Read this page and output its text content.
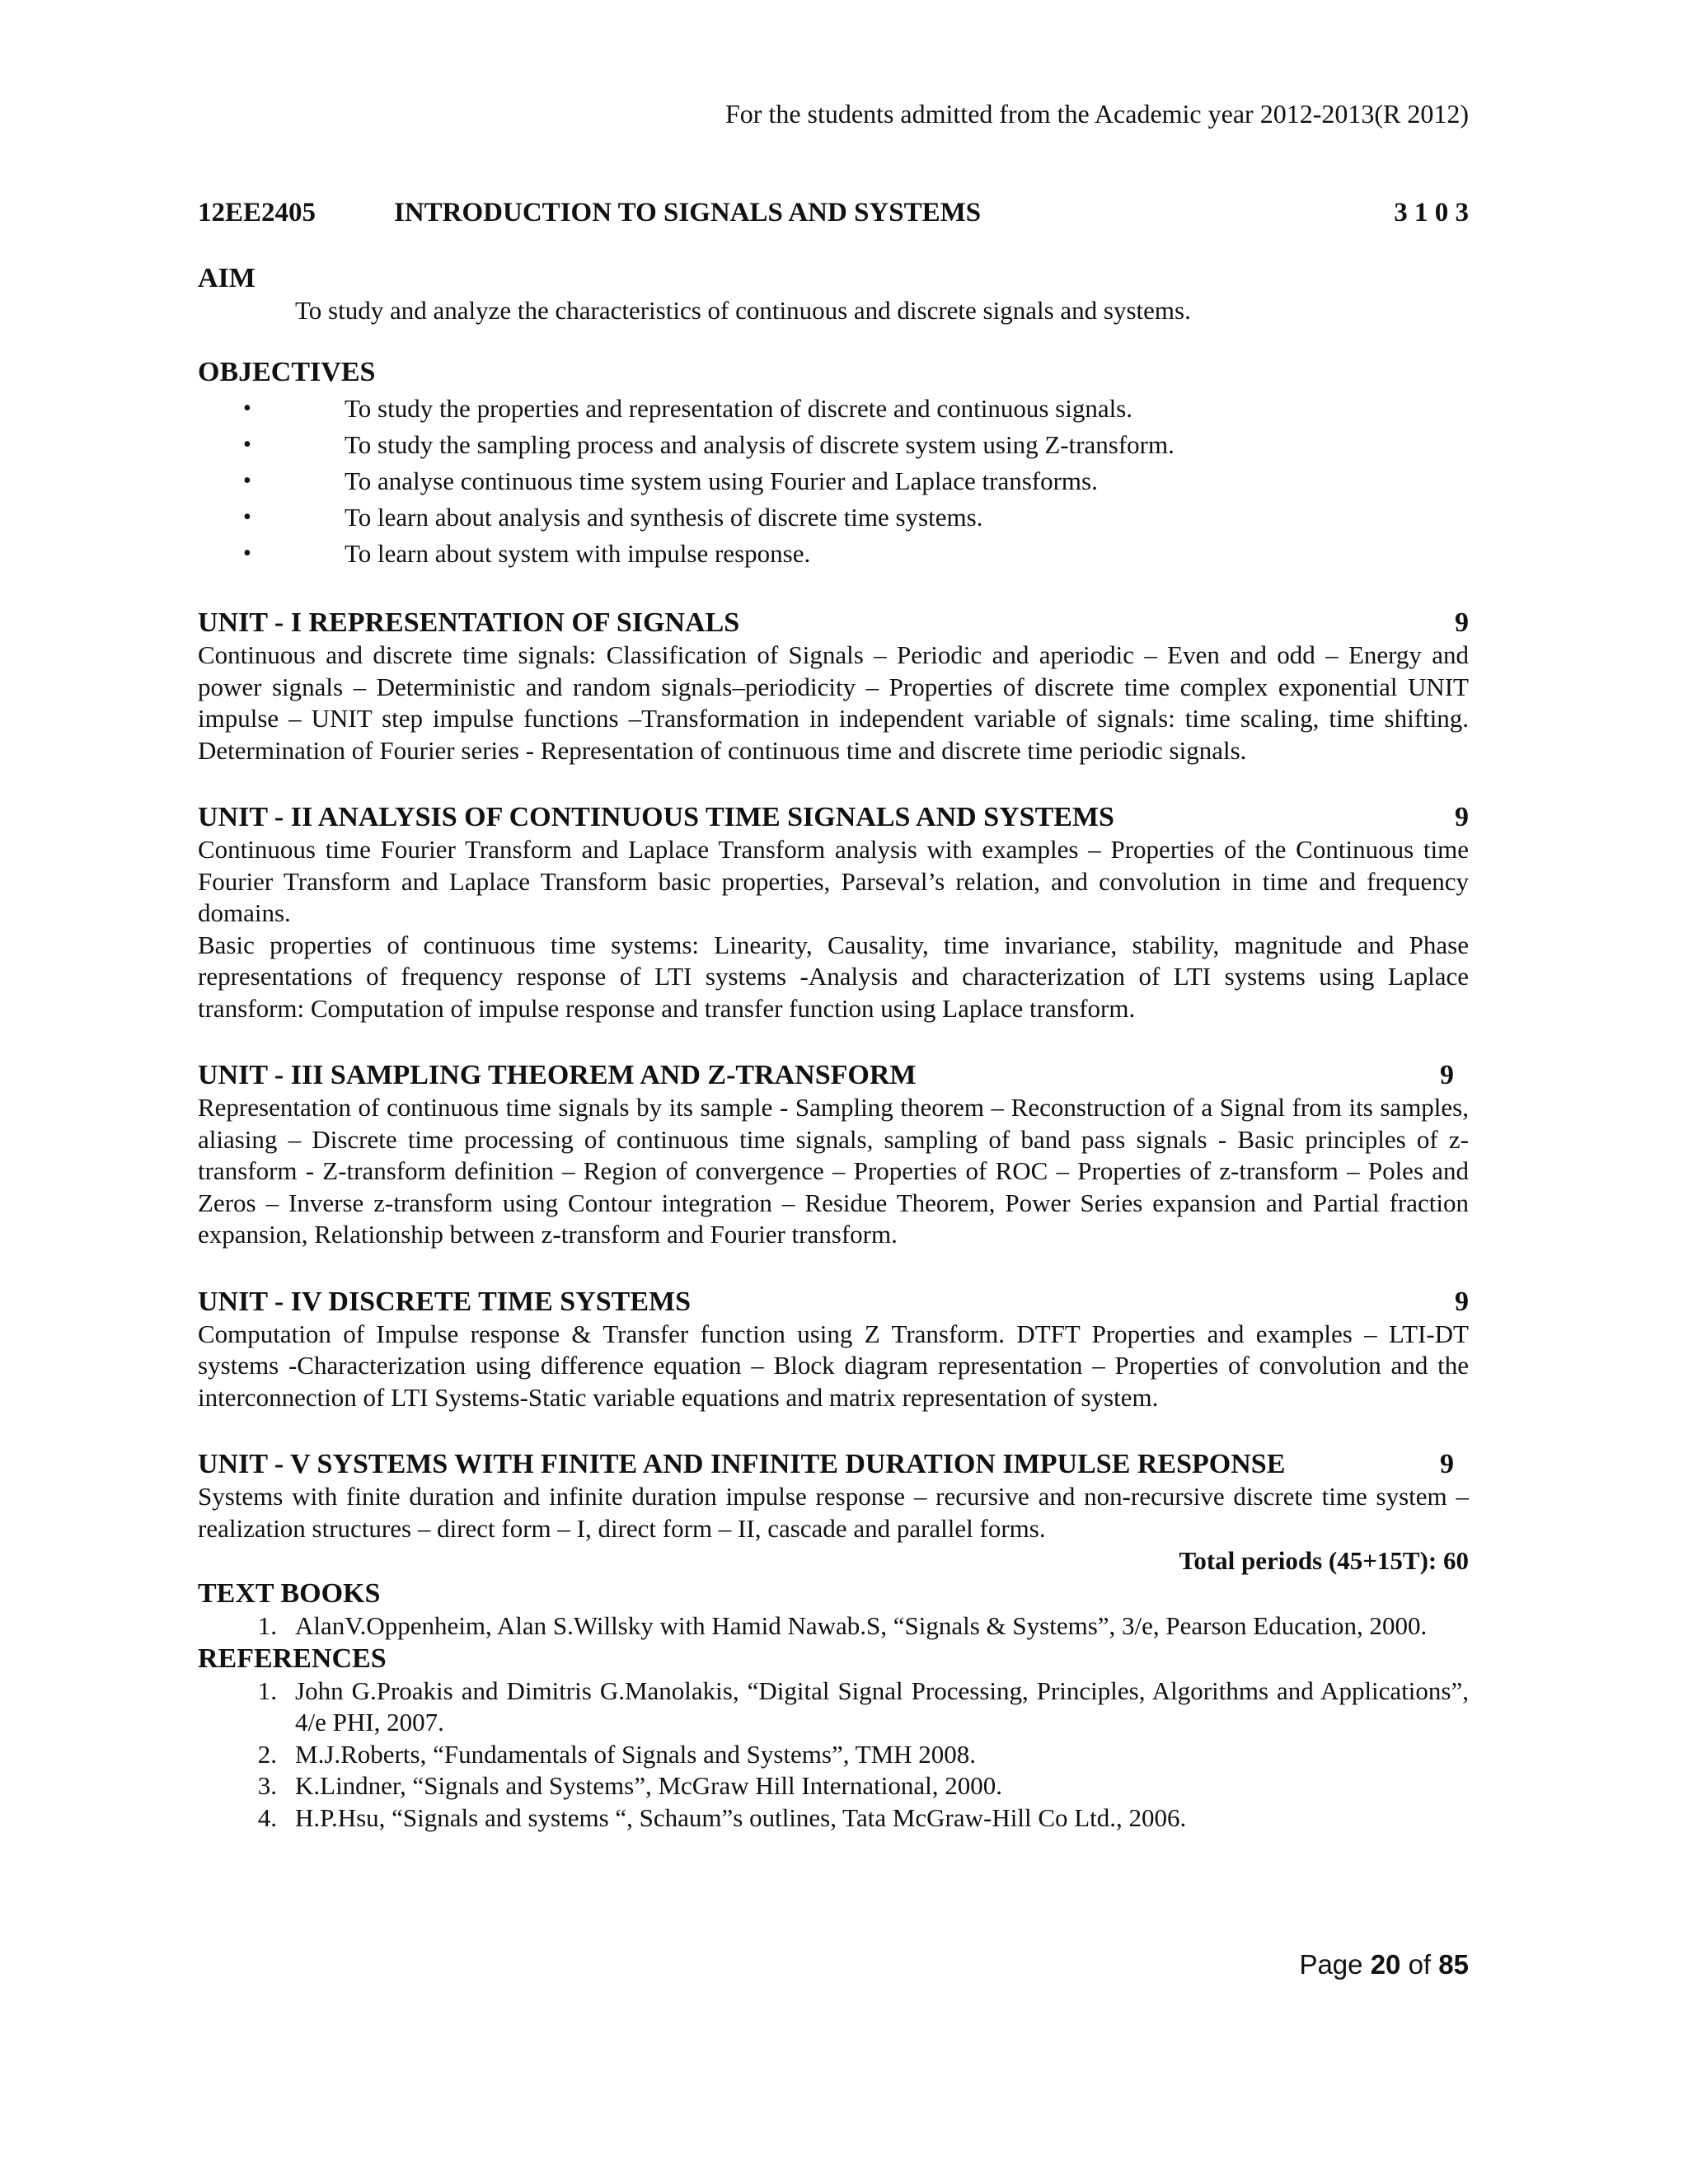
For the students admitted from the Academic year 2012-2013(R 2012)
12EE2405	INTRODUCTION TO SIGNALS AND SYSTEMS	3 1 0 3
AIM
To study and analyze the characteristics of continuous and discrete signals and systems.
OBJECTIVES
•	To study the properties and representation of discrete and continuous signals.
•	To study the sampling process and analysis of discrete system using Z-transform.
•	To analyse continuous time system using Fourier and Laplace transforms.
•	To learn about analysis and synthesis of discrete time systems.
•	To learn about system with impulse response.
UNIT - I REPRESENTATION OF SIGNALS	9

Continuous and discrete time signals: Classification of Signals – Periodic and aperiodic – Even and odd – Energy and power signals – Deterministic and random signals–periodicity – Properties of discrete time complex exponential UNIT impulse – UNIT step impulse functions –Transformation in independent variable of signals: time scaling, time shifting. Determination of Fourier series - Representation of continuous time and discrete time periodic signals.

UNIT - II ANALYSIS OF CONTINUOUS TIME SIGNALS AND SYSTEMS	9

Continuous time Fourier Transform and Laplace Transform analysis with examples – Properties of the Continuous time Fourier Transform and Laplace Transform basic properties, Parseval’s relation, and convolution in time and frequency domains.

Basic properties of continuous time systems: Linearity, Causality, time invariance, stability, magnitude and Phase representations of frequency response of LTI systems -Analysis and characterization of LTI systems using Laplace transform: Computation of impulse response and transfer function using Laplace transform.

UNIT - III SAMPLING THEOREM AND Z-TRANSFORM	9

Representation of continuous time signals by its sample - Sampling theorem – Reconstruction of a Signal from its samples, aliasing – Discrete time processing of continuous time signals, sampling of band pass signals - Basic principles of z-transform - Z-transform definition – Region of convergence – Properties of ROC – Properties of z-transform – Poles and Zeros – Inverse z-transform using Contour integration – Residue Theorem, Power Series expansion and Partial fraction expansion, Relationship between z-transform and Fourier transform.

UNIT - IV DISCRETE TIME SYSTEMS	9

Computation of Impulse response & Transfer function using Z Transform. DTFT Properties and examples – LTI-DT systems -Characterization using difference equation – Block diagram representation – Properties of convolution and the interconnection of LTI Systems-Static variable equations and matrix representation of system.

UNIT - V SYSTEMS WITH FINITE AND INFINITE DURATION IMPULSE RESPONSE	9

Systems with finite duration and infinite duration impulse response – recursive and non-recursive discrete time system – realization structures – direct form – I, direct form – II, cascade and parallel forms.

Total periods (45+15T): 60
TEXT BOOKS
1. AlanV.Oppenheim, Alan S.Willsky with Hamid Nawab.S, “Signals & Systems”, 3/e, Pearson Education, 2000.
REFERENCES
1. John G.Proakis and Dimitris G.Manolakis, “Digital Signal Processing, Principles, Algorithms and Applications”, 4/e PHI, 2007.
2. M.J.Roberts, “Fundamentals of Signals and Systems”, TMH 2008.
3. K.Lindner, “Signals and Systems”, McGraw Hill International, 2000.
4. H.P.Hsu, “Signals and systems “, Schaum”s outlines, Tata McGraw-Hill Co Ltd., 2006.
Page 20 of 85
